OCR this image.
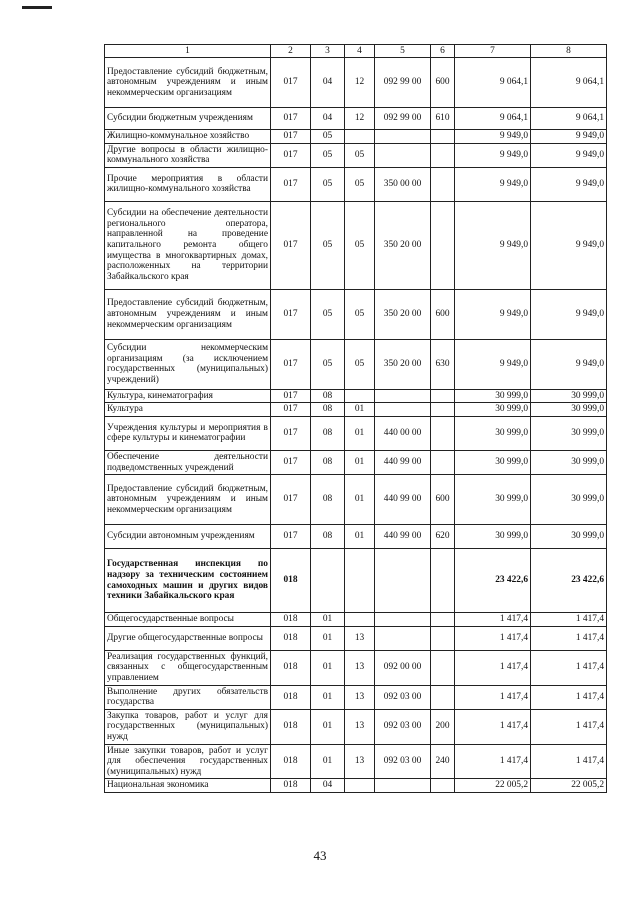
1	2	3	4	5	6	7	8
Предоставление субсидий бюджетным, автономным учреждениям и иным некоммерческим организациям	017	04	12	092 99 00	600	9 064,1	9 064,1
Субсидии бюджетным учреждениям	017	04	12	092 99 00	610	9 064,1	9 064,1
Жилищно-коммунальное хозяйство	017	05				9 949,0	9 949,0
Другие вопросы в области жилищно-коммунального хозяйства	017	05	05			9 949,0	9 949,0
Прочие мероприятия в области жилищно-коммунального хозяйства	017	05	05	350 00 00		9 949,0	9 949,0
Субсидии на обеспечение деятельности регионального оператора, направленной на проведение капитального ремонта общего имущества в многоквартирных домах, расположенных на территории Забайкальского края	017	05	05	350 20 00		9 949,0	9 949,0
Предоставление субсидий бюджетным, автономным учреждениям и иным некоммерческим организациям	017	05	05	350 20 00	600	9 949,0	9 949,0
Субсидии некоммерческим организациям (за исключением государственных (муниципальных) учреждений)	017	05	05	350 20 00	630	9 949,0	9 949,0
Культура, кинематография	017	08				30 999,0	30 999,0
Культура	017	08	01			30 999,0	30 999,0
Учреждения культуры и мероприятия в сфере культуры и кинематографии	017	08	01	440 00 00		30 999,0	30 999,0
Обеспечение деятельности подведомственных учреждений	017	08	01	440 99 00		30 999,0	30 999,0
Предоставление субсидий бюджетным, автономным учреждениям и иным некоммерческим организациям	017	08	01	440 99 00	600	30 999,0	30 999,0
Субсидии автономным учреждениям	017	08	01	440 99 00	620	30 999,0	30 999,0
Государственная инспекция по надзору за техническим состоянием самоходных машин и других видов техники Забайкальского края	018					23 422,6	23 422,6
Общегосударственные вопросы	018	01				1 417,4	1 417,4
Другие общегосударственные вопросы	018	01	13			1 417,4	1 417,4
Реализация государственных функций, связанных с общегосударственным управлением	018	01	13	092 00 00		1 417,4	1 417,4
Выполнение других обязательств государства	018	01	13	092 03 00		1 417,4	1 417,4
Закупка товаров, работ и услуг для государственных (муниципальных) нужд	018	01	13	092 03 00	200	1 417,4	1 417,4
Иные закупки товаров, работ и услуг для обеспечения государственных (муниципальных) нужд	018	01	13	092 03 00	240	1 417,4	1 417,4
Национальная экономика	018	04				22 005,2	22 005,2
43
